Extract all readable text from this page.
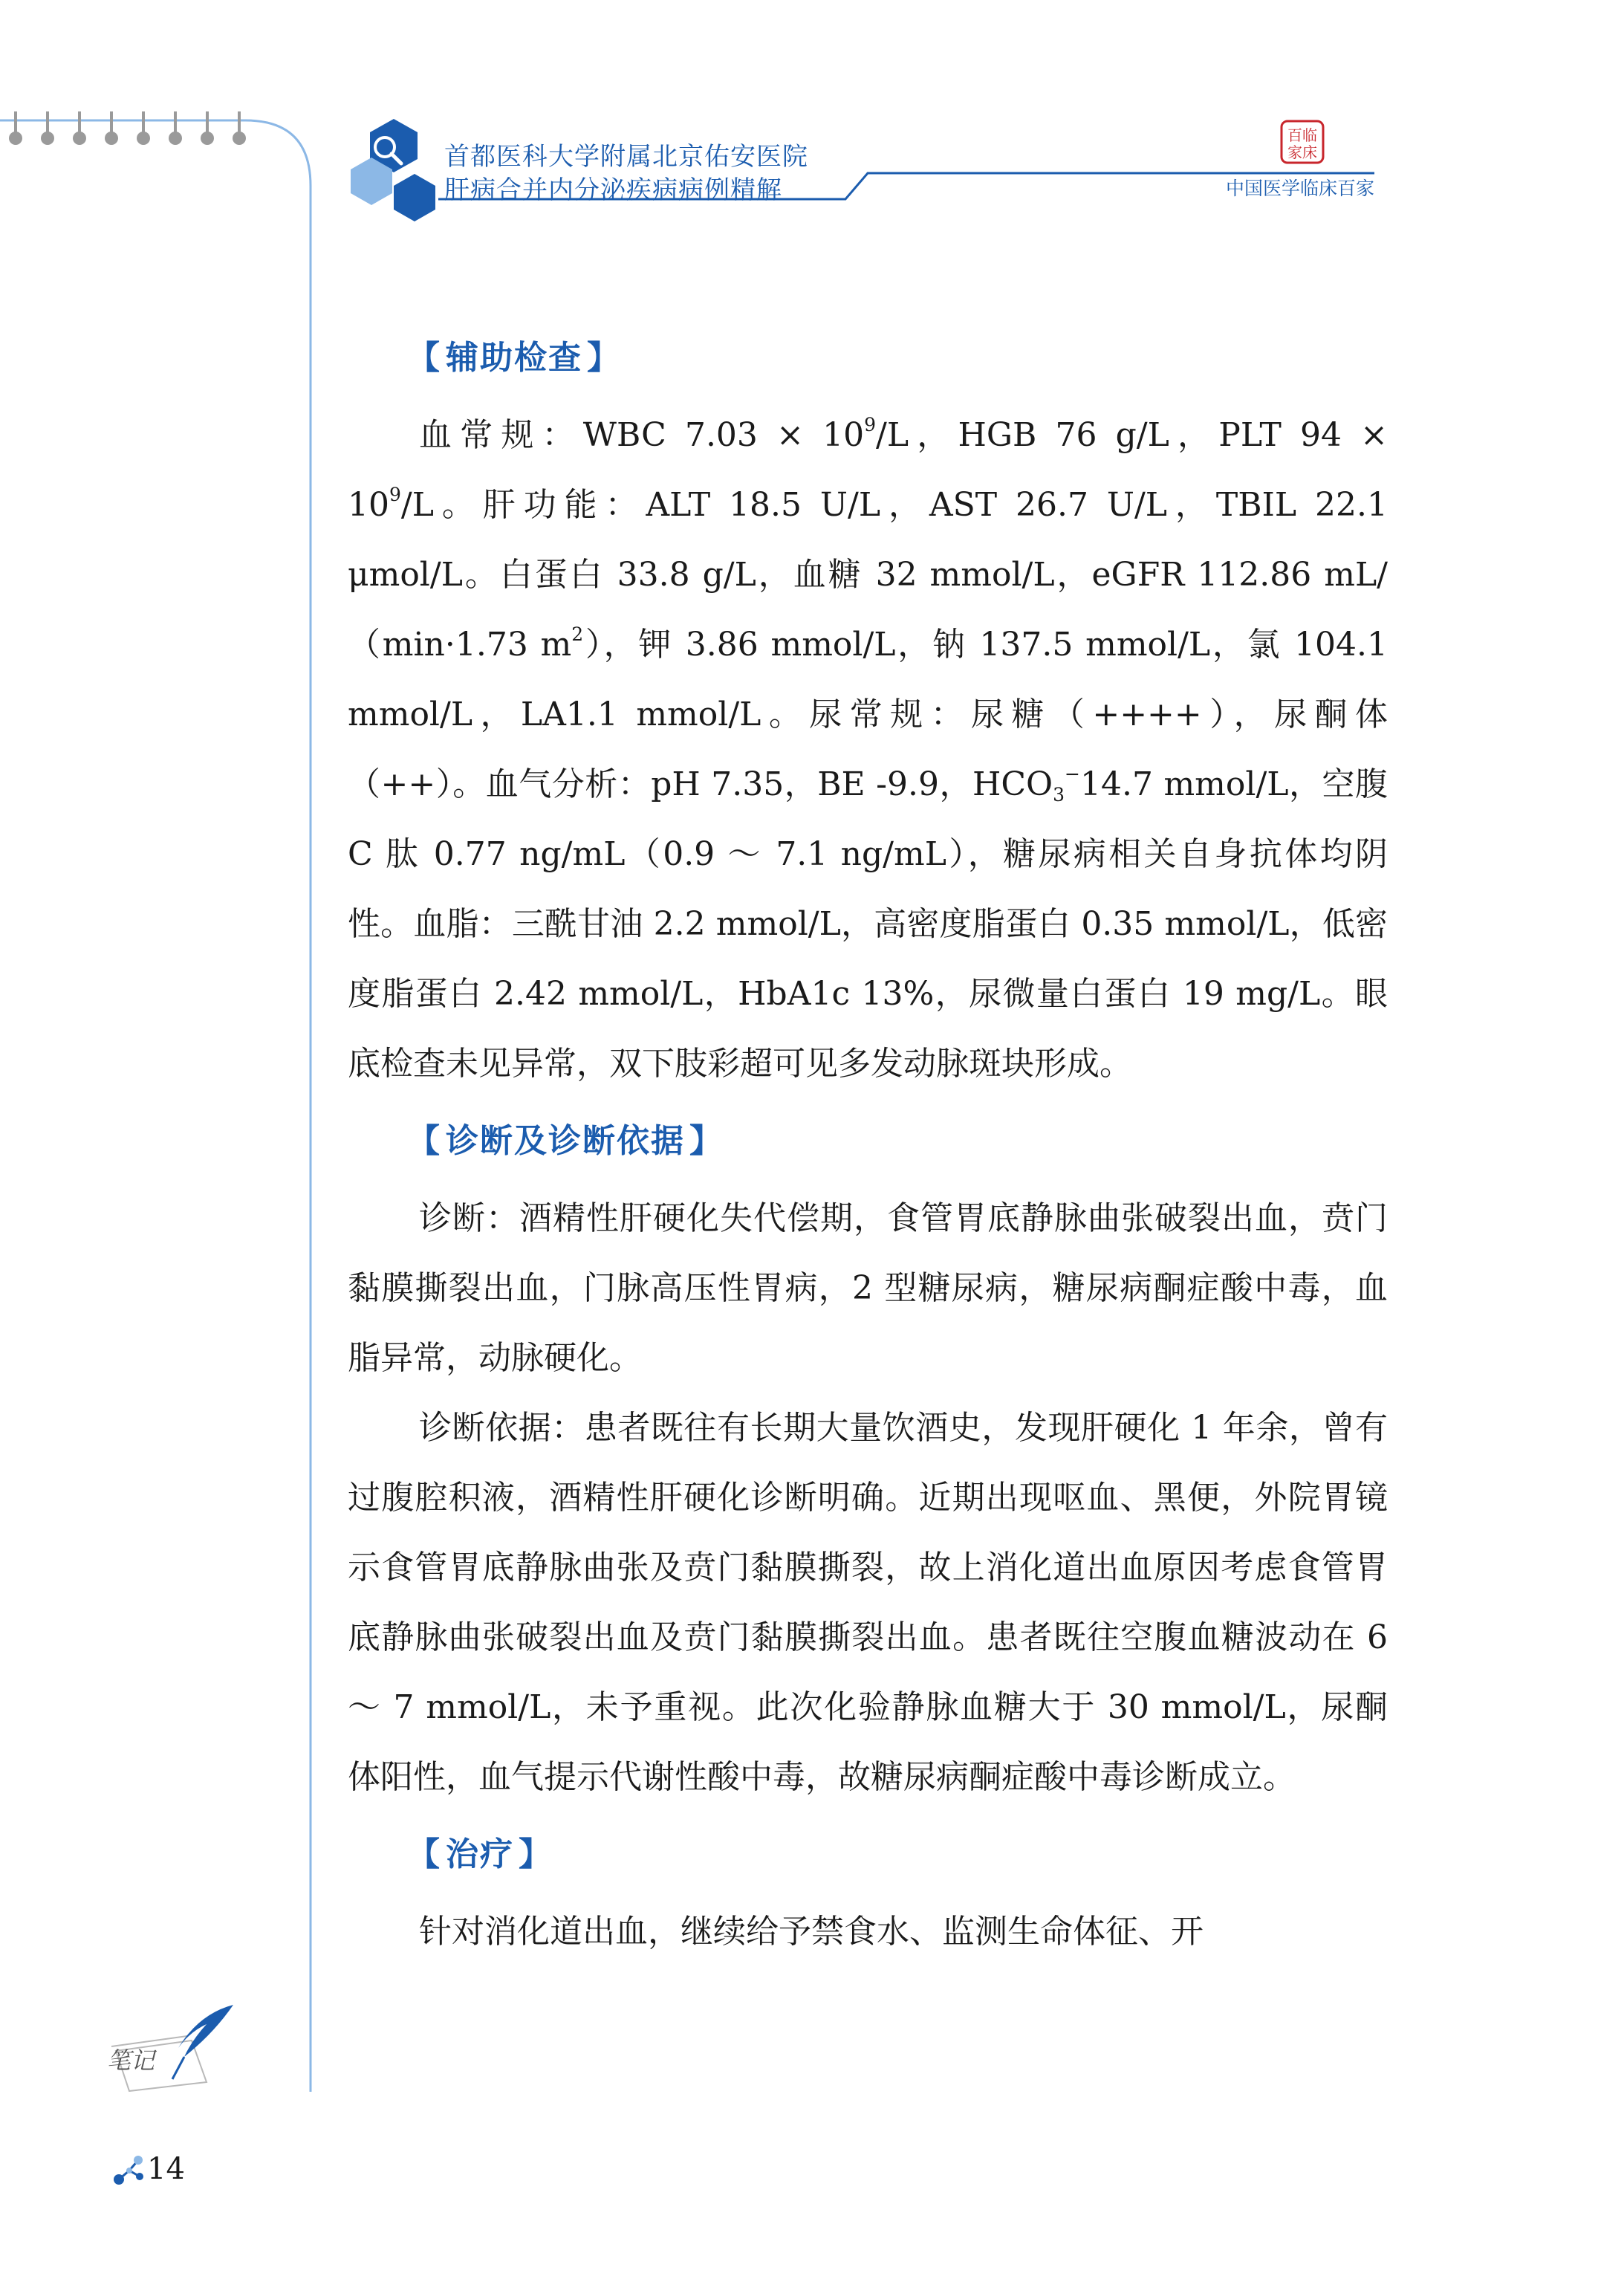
首都医科大学附属北京佑安医院
肝病合并内分泌疾病病例精解
百临
家床
中国医学临床百家
【 辅助检查 】

血常规：WBC $7.03 \times 10^9/L$，HGB 76 g/L，PLT $94 \times 10^9/L$。肝功能：ALT 18.5 U/L，AST 26.7 U/L，TBIL 22.1 μmol/L。白蛋白 33.8 g/L，血糖 32 mmol/L，eGFR 112.86 mL/（min·1.73 $m^2$），钾 3.86 mmol/L，钠 137.5 mmol/L，氯 104.1 mmol/L，LA1.1 mmol/L。尿常规：尿糖（++++），尿酮体（++）。血气分析：pH 7.35，BE -9.9，$HCO_3^-14.7$ mmol/L，空腹 C 肽 0.77 ng/mL（0.9 ～ 7.1 ng/mL），糖尿病相关自身抗体均阴性。血脂：三酰甘油 2.2 mmol/L，高密度脂蛋白 0.35 mmol/L，低密度脂蛋白 2.42 mmol/L，HbA1c 13%，尿微量白蛋白 19 mg/L。眼底检查未见异常，双下肢彩超可见多发动脉斑块形成。

【 诊断及诊断依据 】

诊断：酒精性肝硬化失代偿期，食管胃底静脉曲张破裂出血，贲门黏膜撕裂出血，门脉高压性胃病，2 型糖尿病，糖尿病酮症酸中毒，血脂异常，动脉硬化。

诊断依据：患者既往有长期大量饮酒史，发现肝硬化 1 年余，曾有过腹腔积液，酒精性肝硬化诊断明确。近期出现呕血、黑便，外院胃镜示食管胃底静脉曲张及贲门黏膜撕裂，故上消化道出血原因考虑食管胃底静脉曲张破裂出血及贲门黏膜撕裂出血。患者既往空腹血糖波动在 6 ～ 7 mmol/L，未予重视。此次化验静脉血糖大于 30 mmol/L，尿酮体阳性，血气提示代谢性酸中毒，故糖尿病酮症酸中毒诊断成立。

【 治疗 】

针对消化道出血，继续给予禁食水、监测生命体征、开

笔记
14
